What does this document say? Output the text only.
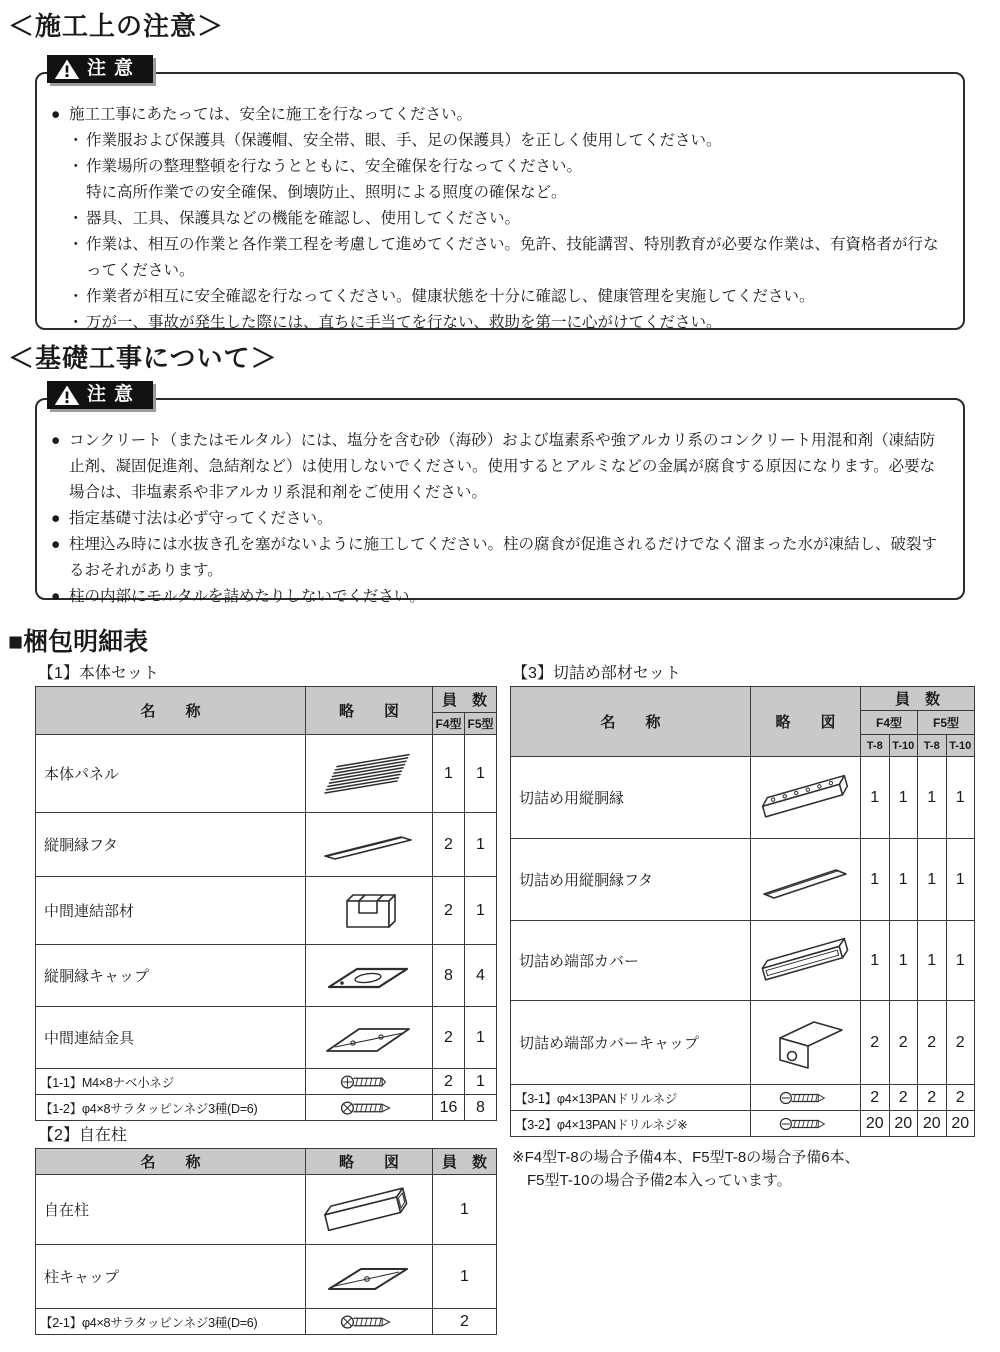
＜施工上の注意＞
注意
● 施工工事にあたっては、安全に施工を行なってください。
・ 作業服および保護具（保護帽、安全帯、眼、手、足の保護具）を正しく使用してください。
・ 作業場所の整理整頓を行なうとともに、安全確保を行なってください。
特に高所作業での安全確保、倒壊防止、照明による照度の確保など。
・ 器具、工具、保護具などの機能を確認し、使用してください。
・ 作業は、相互の作業と各作業工程を考慮して進めてください。免許、技能講習、特別教育が必要な作業は、有資格者が行なってください。
・ 作業者が相互に安全確認を行なってください。健康状態を十分に確認し、健康管理を実施してください。
・ 万が一、事故が発生した際には、直ちに手当てを行ない、救助を第一に心がけてください。
＜基礎工事について＞
注意
● コンクリート（またはモルタル）には、塩分を含む砂（海砂）および塩素系や強アルカリ系のコンクリート用混和剤（凍結防止剤、凝固促進剤、急結剤など）は使用しないでください。使用するとアルミなどの金属が腐食する原因になります。必要な場合は、非塩素系や非アルカリ系混和剤をご使用ください。
● 指定基礎寸法は必ず守ってください。
● 柱埋込み時には水抜き孔を塞がないように施工してください。柱の腐食が促進されるだけでなく溜まった水が凍結し、破裂するおそれがあります。
● 柱の内部にモルタルを詰めたりしないでください。
■梱包明細表
【1】本体セット	【3】切詰め部材セット
名　　称	略　　図	員　数	
		F4型	F5型
本体パネル		1	1
縦胴縁フタ		2	1
中間連結部材		2	1
縦胴縁キャップ		8	4
中間連結金具		2	1
【1-1】M4×8ナベ小ネジ		2	1
【1-2】φ4×8サラタッピンネジ3種(D=6)		16	8
【2】自在柱
名　　称	略　　図	員　数
自在柱		1
柱キャップ		1
【2-1】φ4×8サラタッピンネジ3種(D=6)		2
名　　称	略　　図	員　数			
		F4型		F5型	
		T-8	T-10	T-8	T-10
切詰め用縦胴縁		1	1	1	1
切詰め用縦胴縁フタ		1	1	1	1
切詰め端部カバー		1	1	1	1
切詰め端部カバーキャップ		2	2	2	2
【3-1】φ4×13PANドリルネジ		2	2	2	2
【3-2】φ4×13PANドリルネジ※		20	20	20	20
※F4型T-8の場合予備4本、F5型T-8の場合予備6本、
F5型T-10の場合予備2本入っています。
